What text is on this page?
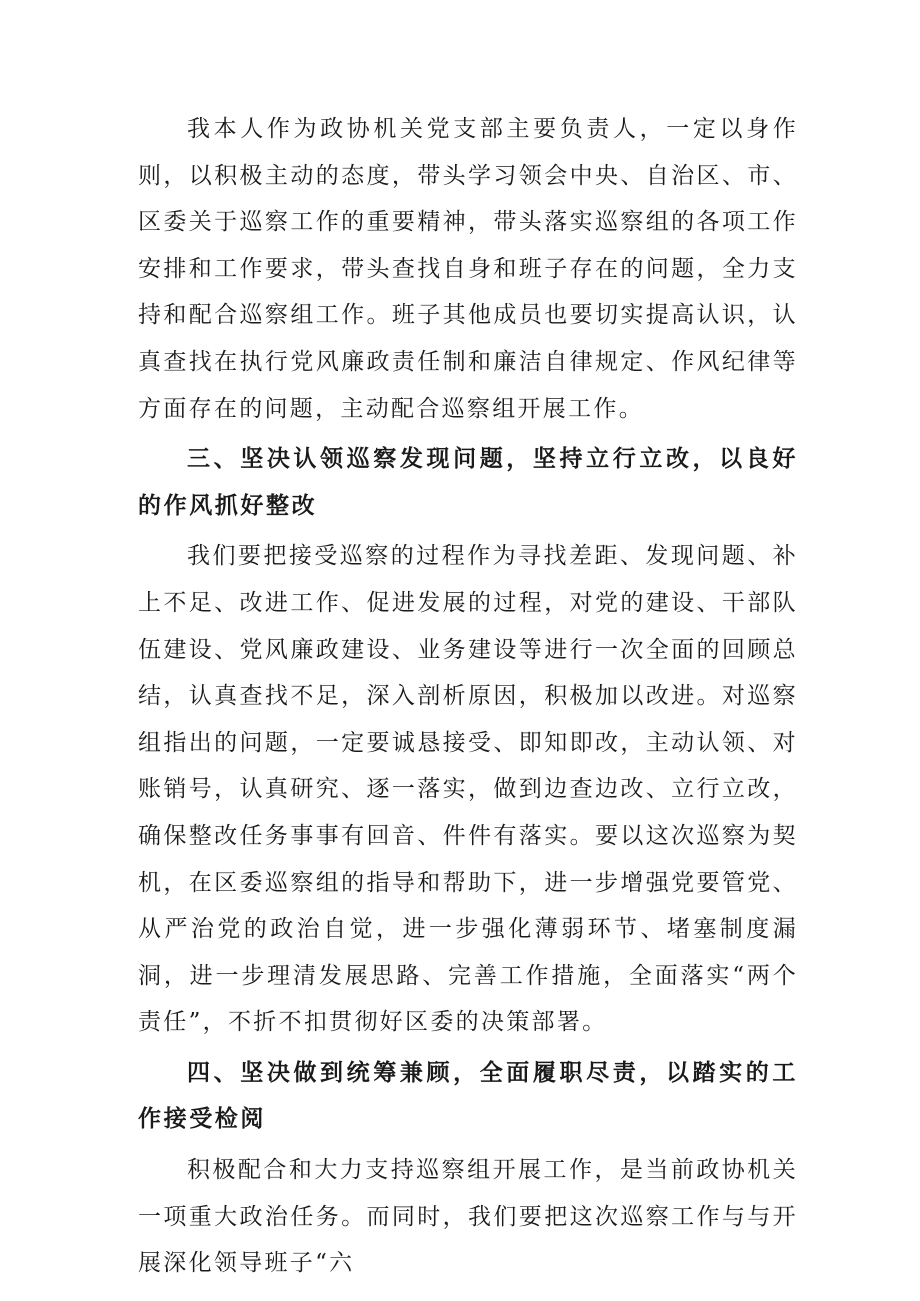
我本人作为政协机关党支部主要负责人，一定以身作则，以积极主动的态度，带头学习领会中央、自治区、市、区委关于巡察工作的重要精神，带头落实巡察组的各项工作安排和工作要求，带头查找自身和班子存在的问题，全力支持和配合巡察组工作。班子其他成员也要切实提高认识，认真查找在执行党风廉政责任制和廉洁自律规定、作风纪律等方面存在的问题，主动配合巡察组开展工作。

三、坚决认领巡察发现问题，坚持立行立改，以良好的作风抓好整改

我们要把接受巡察的过程作为寻找差距、发现问题、补上不足、改进工作、促进发展的过程，对党的建设、干部队伍建设、党风廉政建设、业务建设等进行一次全面的回顾总结，认真查找不足，深入剖析原因，积极加以改进。对巡察组指出的问题，一定要诚恳接受、即知即改，主动认领、对账销号，认真研究、逐一落实，做到边查边改、立行立改，确保整改任务事事有回音、件件有落实。要以这次巡察为契机，在区委巡察组的指导和帮助下，进一步增强党要管党、从严治党的政治自觉，进一步强化薄弱环节、堵塞制度漏洞，进一步理清发展思路、完善工作措施，全面落实“两个责任”，不折不扣贯彻好区委的决策部署。

四、坚决做到统筹兼顾，全面履职尽责，以踏实的工作接受检阅

积极配合和大力支持巡察组开展工作，是当前政协机关一项重大政治任务。而同时，我们要把这次巡察工作与与开展深化领导班子“六
